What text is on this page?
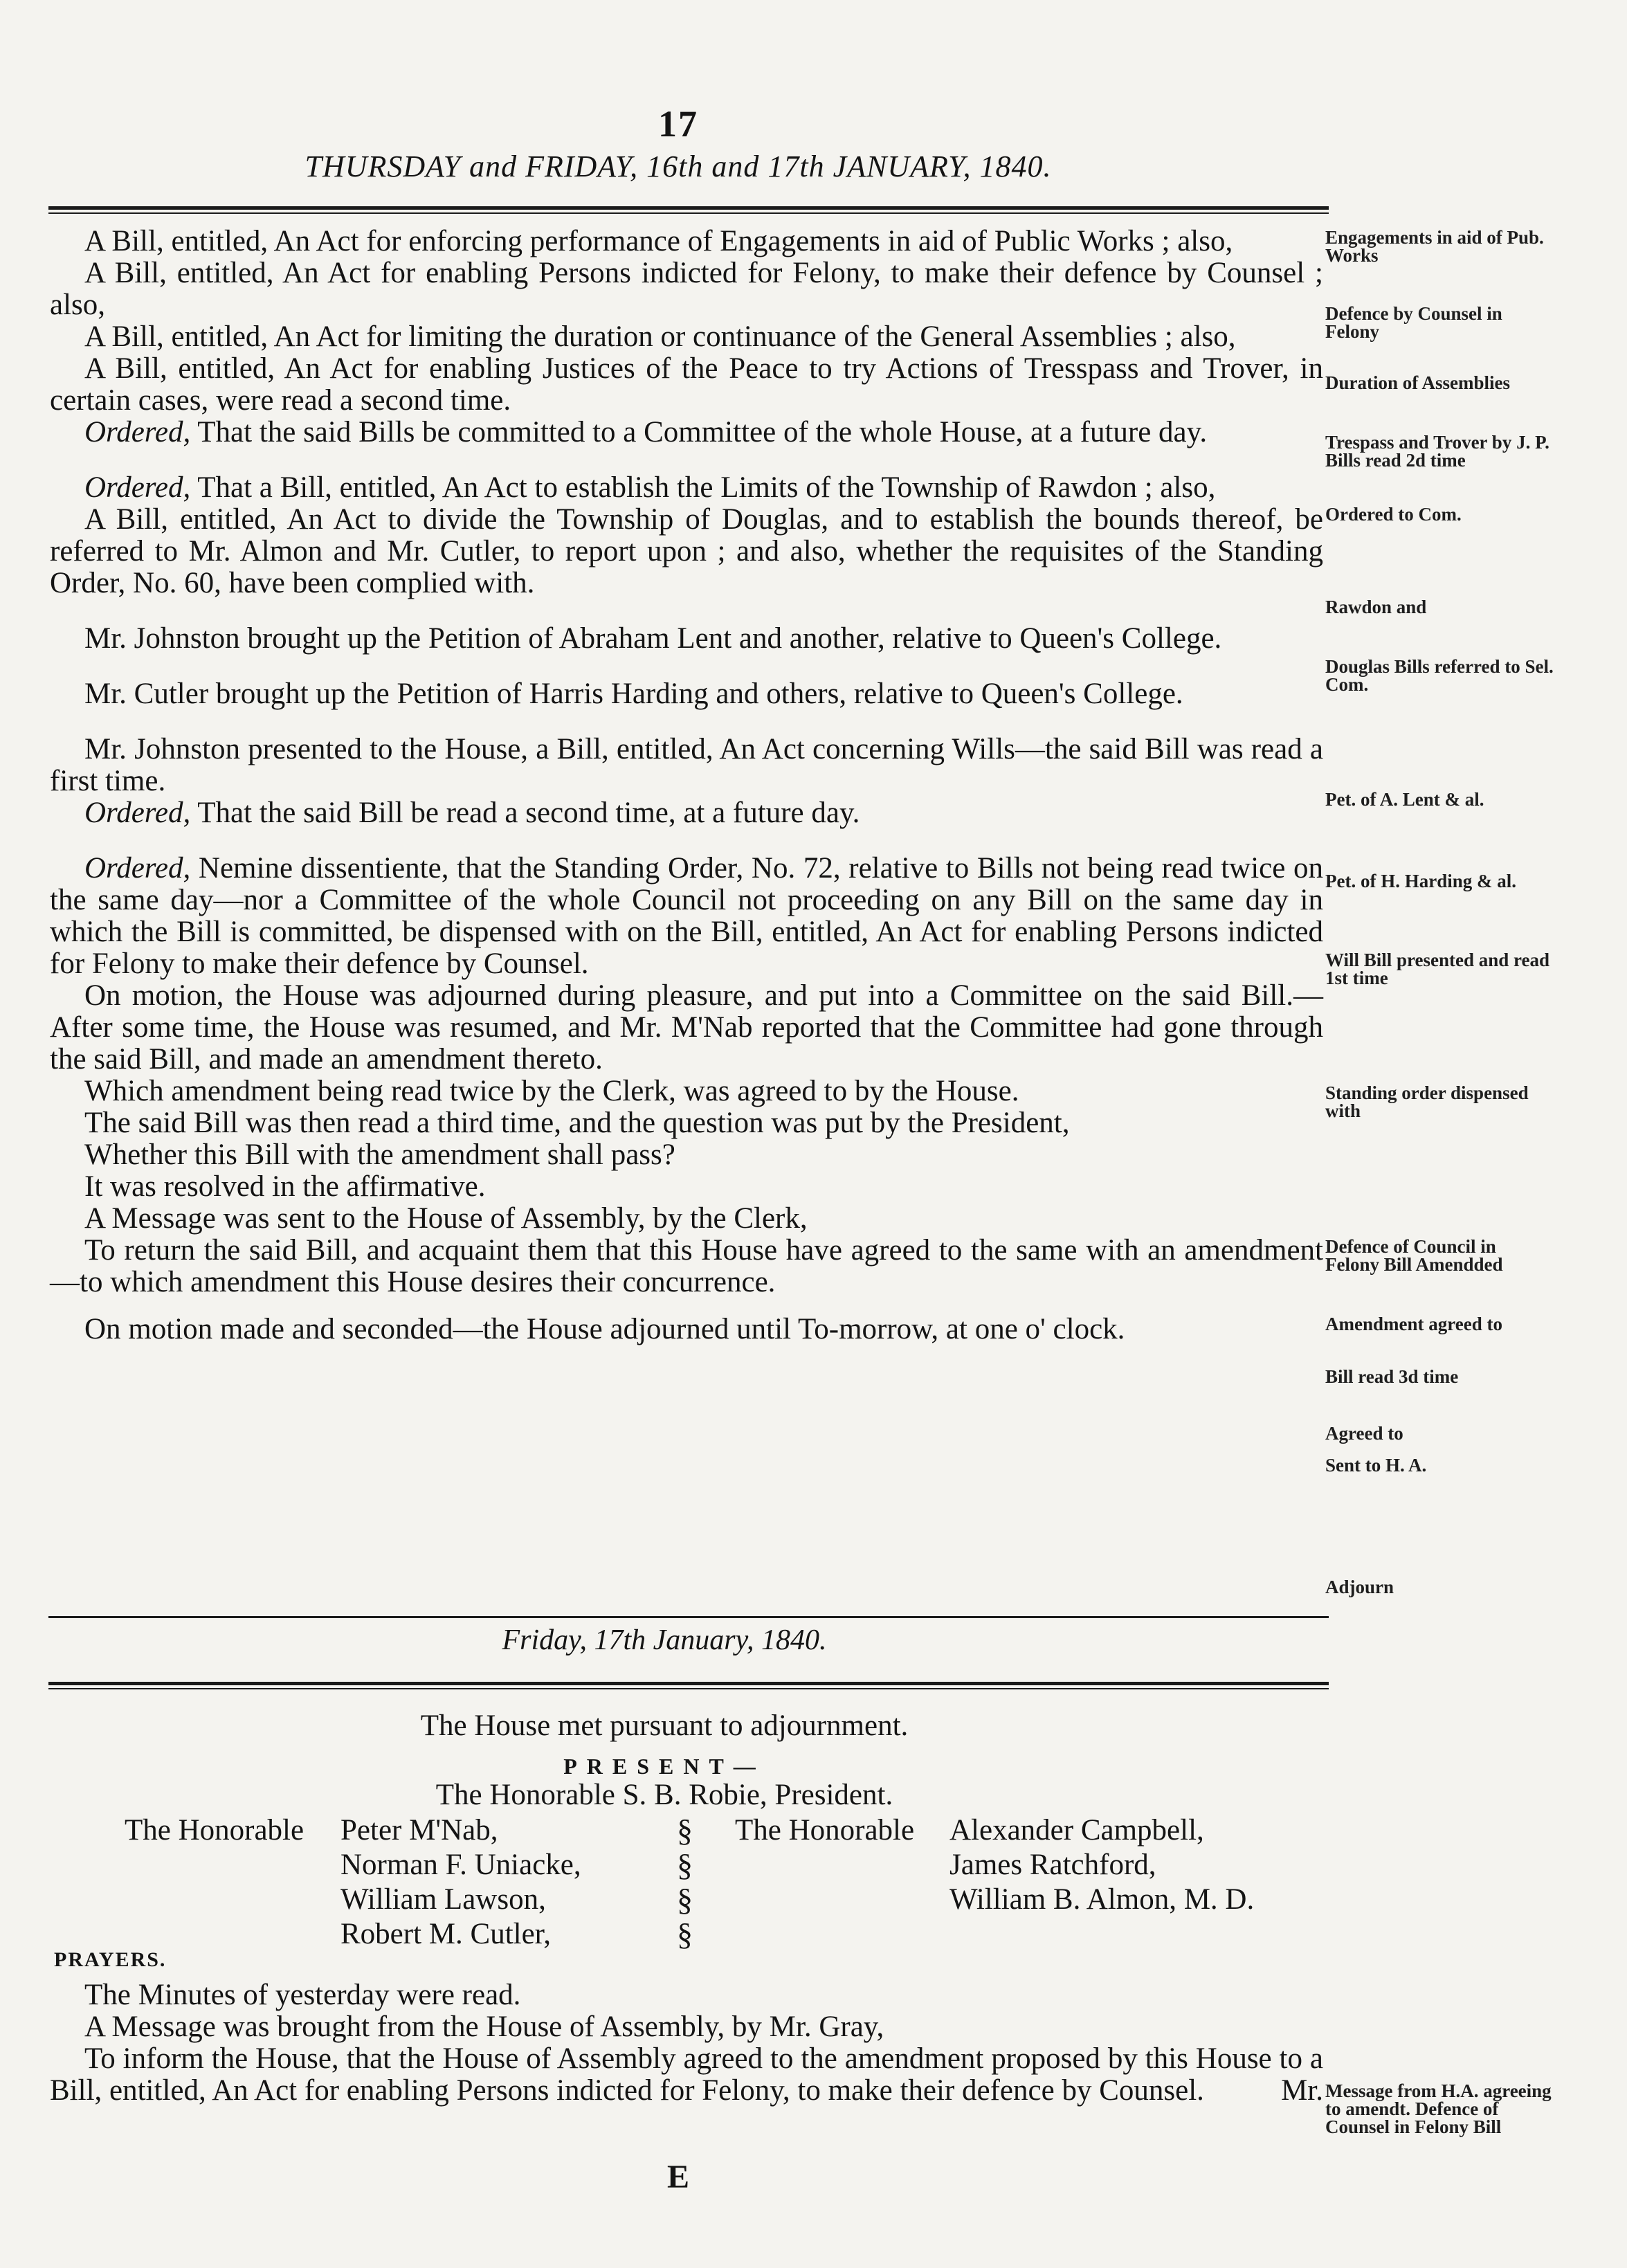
17
THURSDAY and FRIDAY, 16th and 17th JANUARY, 1840.

A Bill, entitled, An Act for enforcing performance of Engagements in aid of Public Works ; also,

A Bill, entitled, An Act for enabling Persons indicted for Felony, to make their defence by Counsel ; also,

A Bill, entitled, An Act for limiting the duration or continuance of the General Assemblies ; also,

A Bill, entitled, An Act for enabling Justices of the Peace to try Actions of Tresspass and Trover, in certain cases, were read a second time.

Ordered, That the said Bills be committed to a Committee of the whole House, at a future day.

Ordered, That a Bill, entitled, An Act to establish the Limits of the Township of Rawdon ; also,

A Bill, entitled, An Act to divide the Township of Douglas, and to establish the bounds thereof, be referred to Mr. Almon and Mr. Cutler, to report upon ; and also, whether the requisites of the Standing Order, No. 60, have been complied with.

Mr. Johnston brought up the Petition of Abraham Lent and another, relative to Queen's College.

Mr. Cutler brought up the Petition of Harris Harding and others, relative to Queen's College.

Mr. Johnston presented to the House, a Bill, entitled, An Act concerning Wills—the said Bill was read a first time.

Ordered, That the said Bill be read a second time, at a future day.

Ordered, Nemine dissentiente, that the Standing Order, No. 72, relative to Bills not being read twice on the same day—nor a Committee of the whole Council not proceeding on any Bill on the same day in which the Bill is committed, be dispensed with on the Bill, entitled, An Act for enabling Persons indicted for Felony to make their defence by Counsel.

On motion, the House was adjourned during pleasure, and put into a Committee on the said Bill.—After some time, the House was resumed, and Mr. M'Nab reported that the Committee had gone through the said Bill, and made an amendment thereto.

Which amendment being read twice by the Clerk, was agreed to by the House.

The said Bill was then read a third time, and the question was put by the President,

Whether this Bill with the amendment shall pass?

It was resolved in the affirmative.

A Message was sent to the House of Assembly, by the Clerk,

To return the said Bill, and acquaint them that this House have agreed to the same with an amendment—to which amendment this House desires their concurrence.

On motion made and seconded—the House adjourned until To-morrow, at one o' clock.

Engagements in aid of Pub. Works
Defence by Counsel in Felony
Duration of Assemblies
Trespass and Trover by J. P. Bills read 2d time
Ordered to Com.
Rawdon and
Douglas Bills referred to Sel. Com.
Pet. of A. Lent & al.
Pet. of H. Harding & al.
Will Bill presented and read 1st time
Standing order dispensed with
Defence of Council in Felony Bill Amendded
Amendment agreed to
Bill read 3d time
Agreed to
Sent to H. A.
Adjourn
Message from H.A. agreeing to amendt. Defence of Counsel in Felony Bill
Friday, 17th January, 1840.
The House met pursuant to adjournment.
PRESENT—
The Honorable S. B. Robie, President.
The Honorable Peter M'Nab,
Norman F. Uniacke,
William Lawson,
Robert M. Cutler,
§
§
§
§
The Honorable Alexander Campbell,
James Ratchford,
William B. Almon, M. D.
PRAYERS.

The Minutes of yesterday were read.

A Message was brought from the House of Assembly, by Mr. Gray,

To inform the House, that the House of Assembly agreed to the amendment proposed by this House to a Bill, entitled, An Act for enabling Persons indicted for Felony, to make their defence by Counsel.	Mr.

E
